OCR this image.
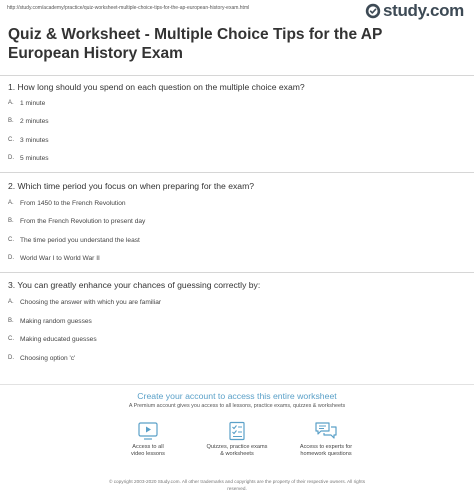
http://study.com/academy/practice/quiz-worksheet-multiple-choice-tips-for-the-ap-european-history-exam.html	study.com
Quiz & Worksheet - Multiple Choice Tips for the AP European History Exam
1. How long should you spend on each question on the multiple choice exam?
A. 1 minute
B. 2 minutes
C. 3 minutes
D. 5 minutes
2. Which time period you focus on when preparing for the exam?
A. From 1450 to the French Revolution
B. From the French Revolution to present day
C. The time period you understand the least
D. World War I to World War II
3. You can greatly enhance your chances of guessing correctly by:
A. Choosing the answer with which you are familiar
B. Making random guesses
C. Making educated guesses
D. Choosing option 'c'
Create your account to access this entire worksheet
A Premium account gives you access to all lessons, practice exams, quizzes & worksheets
Access to all
video lessons
Quizzes, practice exams
& worksheets
Access to experts for
homework questions
© copyright 2003-2020 Study.com. All other trademarks and copyrights are the property of their respective owners. All rights
reserved.
